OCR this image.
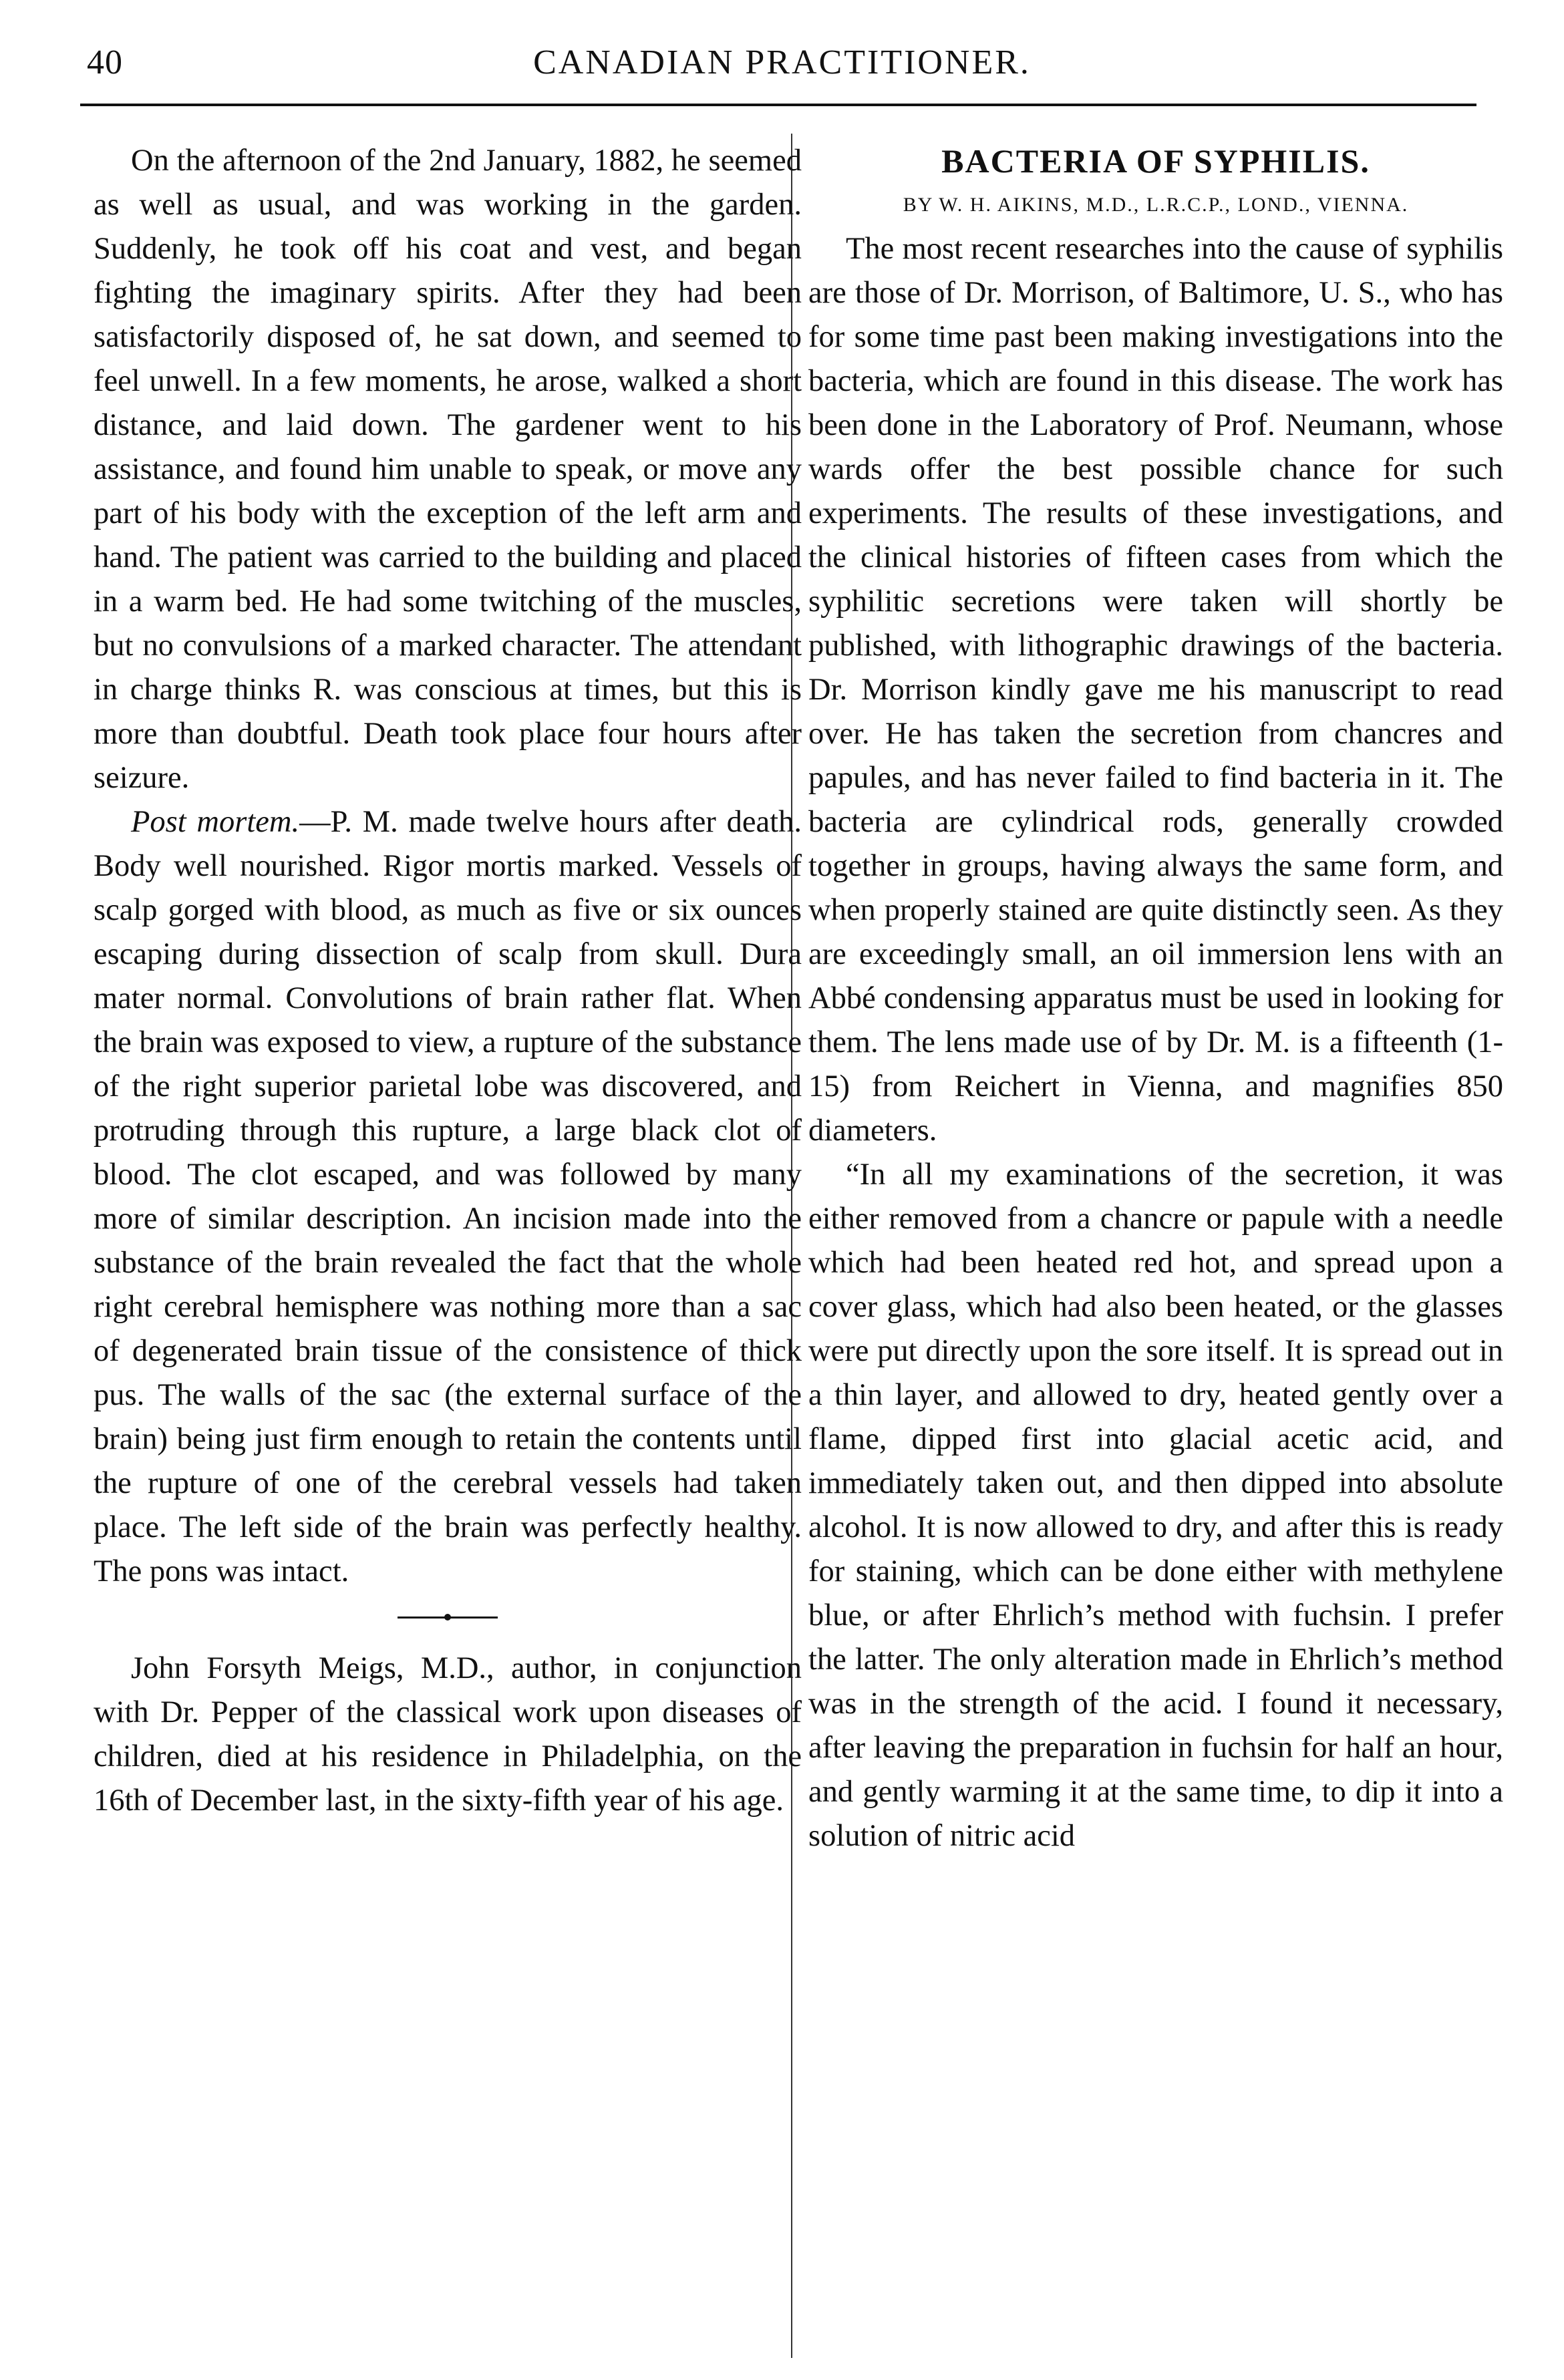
40	CANADIAN PRACTITIONER.

On the afternoon of the 2nd January, 1882, he seemed as well as usual, and was working in the garden. Suddenly, he took off his coat and vest, and began fighting the imaginary spirits. After they had been satisfactorily disposed of, he sat down, and seemed to feel unwell. In a few moments, he arose, walked a short distance, and laid down. The gardener went to his assistance, and found him unable to speak, or move any part of his body with the exception of the left arm and hand. The patient was carried to the building and placed in a warm bed. He had some twitching of the muscles, but no convulsions of a marked character. The attendant in charge thinks R. was conscious at times, but this is more than doubtful. Death took place four hours after seizure.

Post mortem.—P. M. made twelve hours after death. Body well nourished. Rigor mortis marked. Vessels of scalp gorged with blood, as much as five or six ounces escaping during dissection of scalp from skull. Dura mater normal. Convolutions of brain rather flat. When the brain was exposed to view, a rupture of the substance of the right superior parietal lobe was discovered, and protruding through this rupture, a large black clot of blood. The clot escaped, and was followed by many more of similar description. An incision made into the substance of the brain revealed the fact that the whole right cerebral hemisphere was nothing more than a sac of degenerated brain tissue of the consistence of thick pus. The walls of the sac (the external surface of the brain) being just firm enough to retain the contents until the rupture of one of the cerebral vessels had taken place. The left side of the brain was perfectly healthy. The pons was intact.

John Forsyth Meigs, M.D., author, in conjunction with Dr. Pepper of the classical work upon diseases of children, died at his residence in Philadelphia, on the 16th of December last, in the sixty-fifth year of his age.

BACTERIA OF SYPHILIS.
BY W. H. AIKINS, M.D., L.R.C.P., LOND., VIENNA.

The most recent researches into the cause of syphilis are those of Dr. Morrison, of Baltimore, U. S., who has for some time past been making investigations into the bacteria, which are found in this disease. The work has been done in the Laboratory of Prof. Neumann, whose wards offer the best possible chance for such experiments. The results of these investigations, and the clinical histories of fifteen cases from which the syphilitic secretions were taken will shortly be published, with lithographic drawings of the bacteria. Dr. Morrison kindly gave me his manuscript to read over. He has taken the secretion from chancres and papules, and has never failed to find bacteria in it. The bacteria are cylindrical rods, generally crowded together in groups, having always the same form, and when properly stained are quite distinctly seen. As they are exceedingly small, an oil immersion lens with an Abbé condensing apparatus must be used in looking for them. The lens made use of by Dr. M. is a fifteenth (1-15) from Reichert in Vienna, and magnifies 850 diameters.

“In all my examinations of the secretion, it was either removed from a chancre or papule with a needle which had been heated red hot, and spread upon a cover glass, which had also been heated, or the glasses were put directly upon the sore itself. It is spread out in a thin layer, and allowed to dry, heated gently over a flame, dipped first into glacial acetic acid, and immediately taken out, and then dipped into absolute alcohol. It is now allowed to dry, and after this is ready for staining, which can be done either with methylene blue, or after Ehrlich’s method with fuchsin. I prefer the latter. The only alteration made in Ehrlich’s method was in the strength of the acid. I found it necessary, after leaving the preparation in fuchsin for half an hour, and gently warming it at the same time, to dip it into a solution of nitric acid
